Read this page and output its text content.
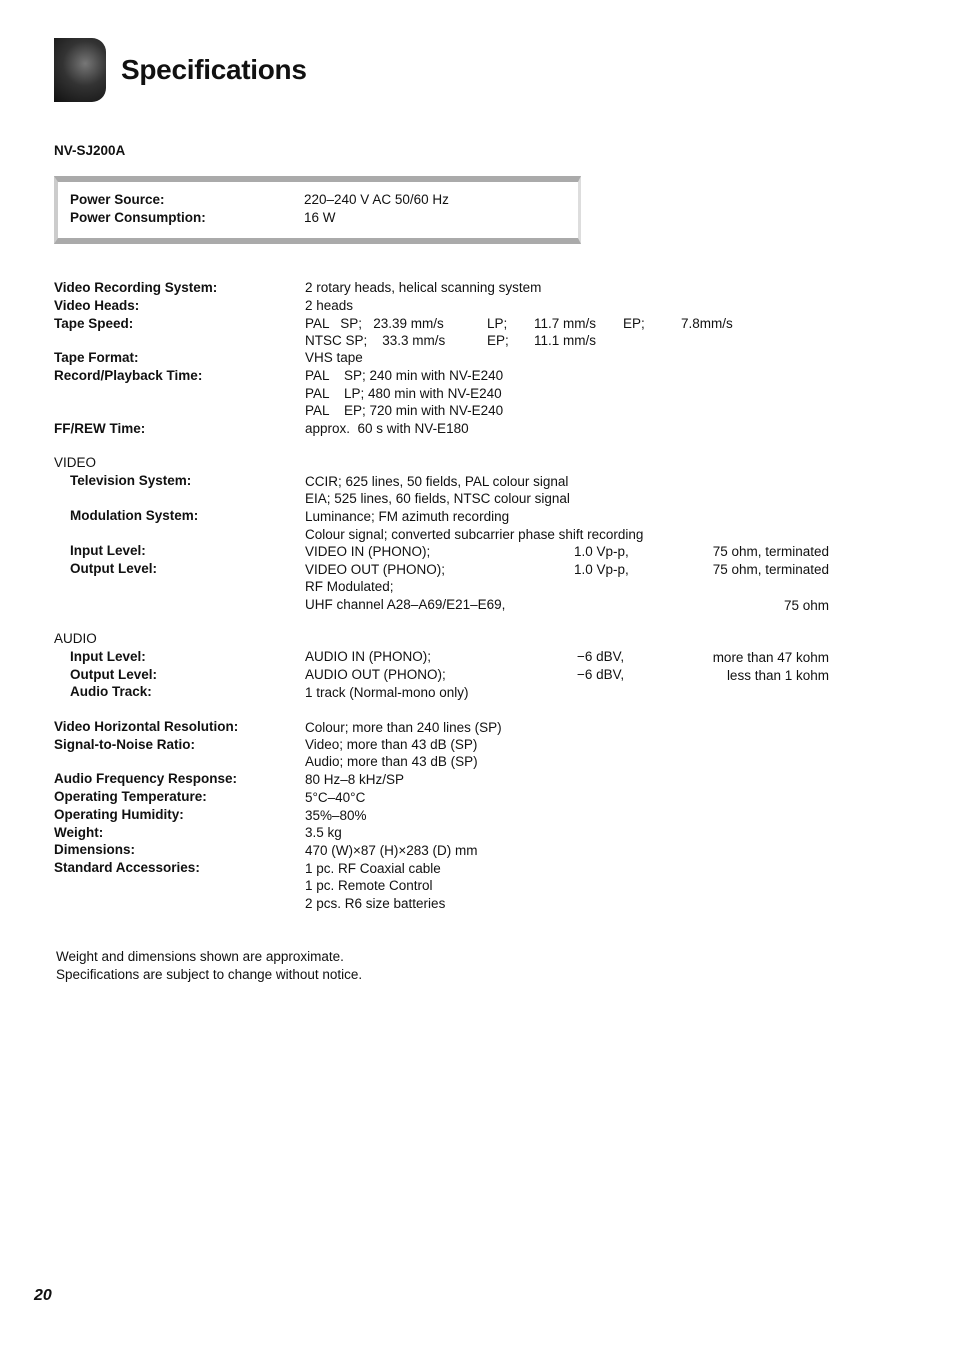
Specifications
NV-SJ200A
Power Source:	220–240 V AC 50/60 Hz
Power Consumption:	16 W
Video Recording System:	2 rotary heads, helical scanning system
Video Heads:	2 heads
Tape Speed:	PAL   SP;   23.39 mm/s	LP; 11.7 mm/s EP;	7.8mm/s
NTSC SP;    33.3 mm/s	EP; 11.1 mm/s
Tape Format:	VHS tape
Record/Playback Time:	PAL    SP; 240 min with NV-E240
PAL    LP; 480 min with NV-E240
PAL    EP; 720 min with NV-E240
FF/REW Time:	approx.  60 s with NV-E180
VIDEO
Television System:	CCIR; 625 lines, 50 fields, PAL colour signal
EIA; 525 lines, 60 fields, NTSC colour signal
Modulation System:	Luminance; FM azimuth recording
Colour signal; converted subcarrier phase shift recording
Input Level:	VIDEO IN (PHONO);	1.0 Vp-p,	75 ohm, terminated
Output Level:	VIDEO OUT (PHONO);	1.0 Vp-p,	75 ohm, terminated
RF Modulated;
UHF channel A28–A69/E21–E69,	75 ohm
AUDIO
Input Level:	AUDIO IN (PHONO);	−6 dBV,	more than 47 kohm
Output Level:	AUDIO OUT (PHONO);	−6 dBV,	less than 1 kohm
Audio Track:	1 track (Normal-mono only)
Video Horizontal Resolution:	Colour; more than 240 lines (SP)
Signal-to-Noise Ratio:	Video; more than 43 dB (SP)
Audio; more than 43 dB (SP)
Audio Frequency Response:	80 Hz–8 kHz/SP
Operating Temperature:	5°C–40°C
Operating Humidity:	35%–80%
Weight:	3.5 kg
Dimensions:	470 (W)×87 (H)×283 (D) mm
Standard Accessories:	1 pc. RF Coaxial cable
1 pc. Remote Control
2 pcs. R6 size batteries
Weight and dimensions shown are approximate.
Specifications are subject to change without notice.
20
